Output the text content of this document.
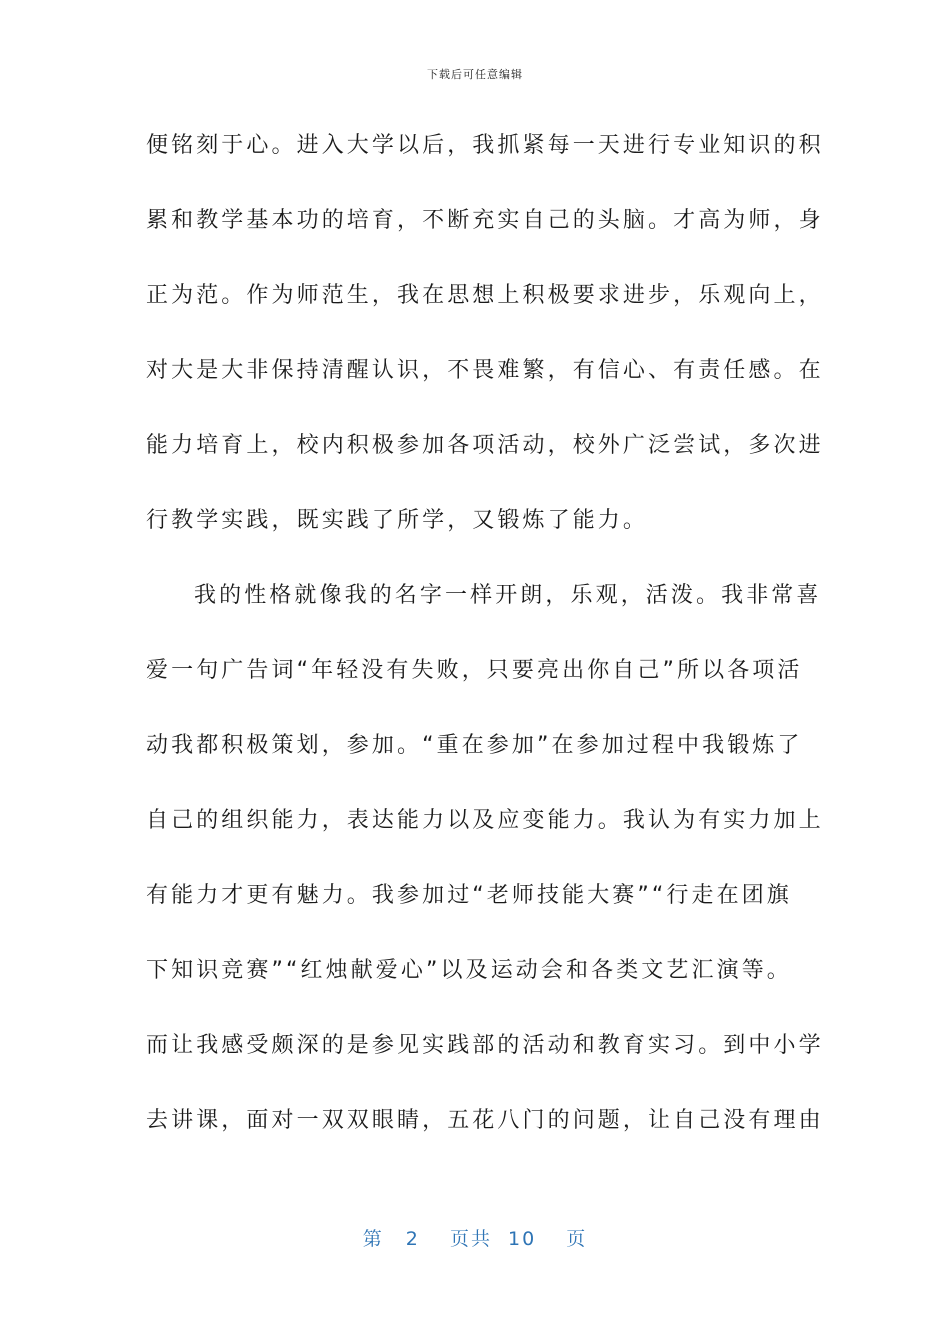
下载后可任意编辑
便铭刻于心。进入大学以后，我抓紧每一天进行专业知识的积
累和教学基本功的培育，不断充实自己的头脑。才高为师，身
正为范。作为师范生，我在思想上积极要求进步，乐观向上，
对大是大非保持清醒认识，不畏难繁，有信心、有责任感。在
能力培育上，校内积极参加各项活动，校外广泛尝试，多次进
行教学实践，既实践了所学，又锻炼了能力。
我的性格就像我的名字一样开朗，乐观，活泼。我非常喜
爱一句广告词“年轻没有失败，只要亮出你自己”所以各项活
动我都积极策划，参加。“重在参加”在参加过程中我锻炼了
自己的组织能力，表达能力以及应变能力。我认为有实力加上
有能力才更有魅力。我参加过“老师技能大赛”“行走在团旗
下知识竞赛”“红烛献爱心”以及运动会和各类文艺汇演等。
而让我感受颇深的是参见实践部的活动和教育实习。到中小学
去讲课，面对一双双眼睛，五花八门的问题，让自己没有理由
第 2 页共 10 页
